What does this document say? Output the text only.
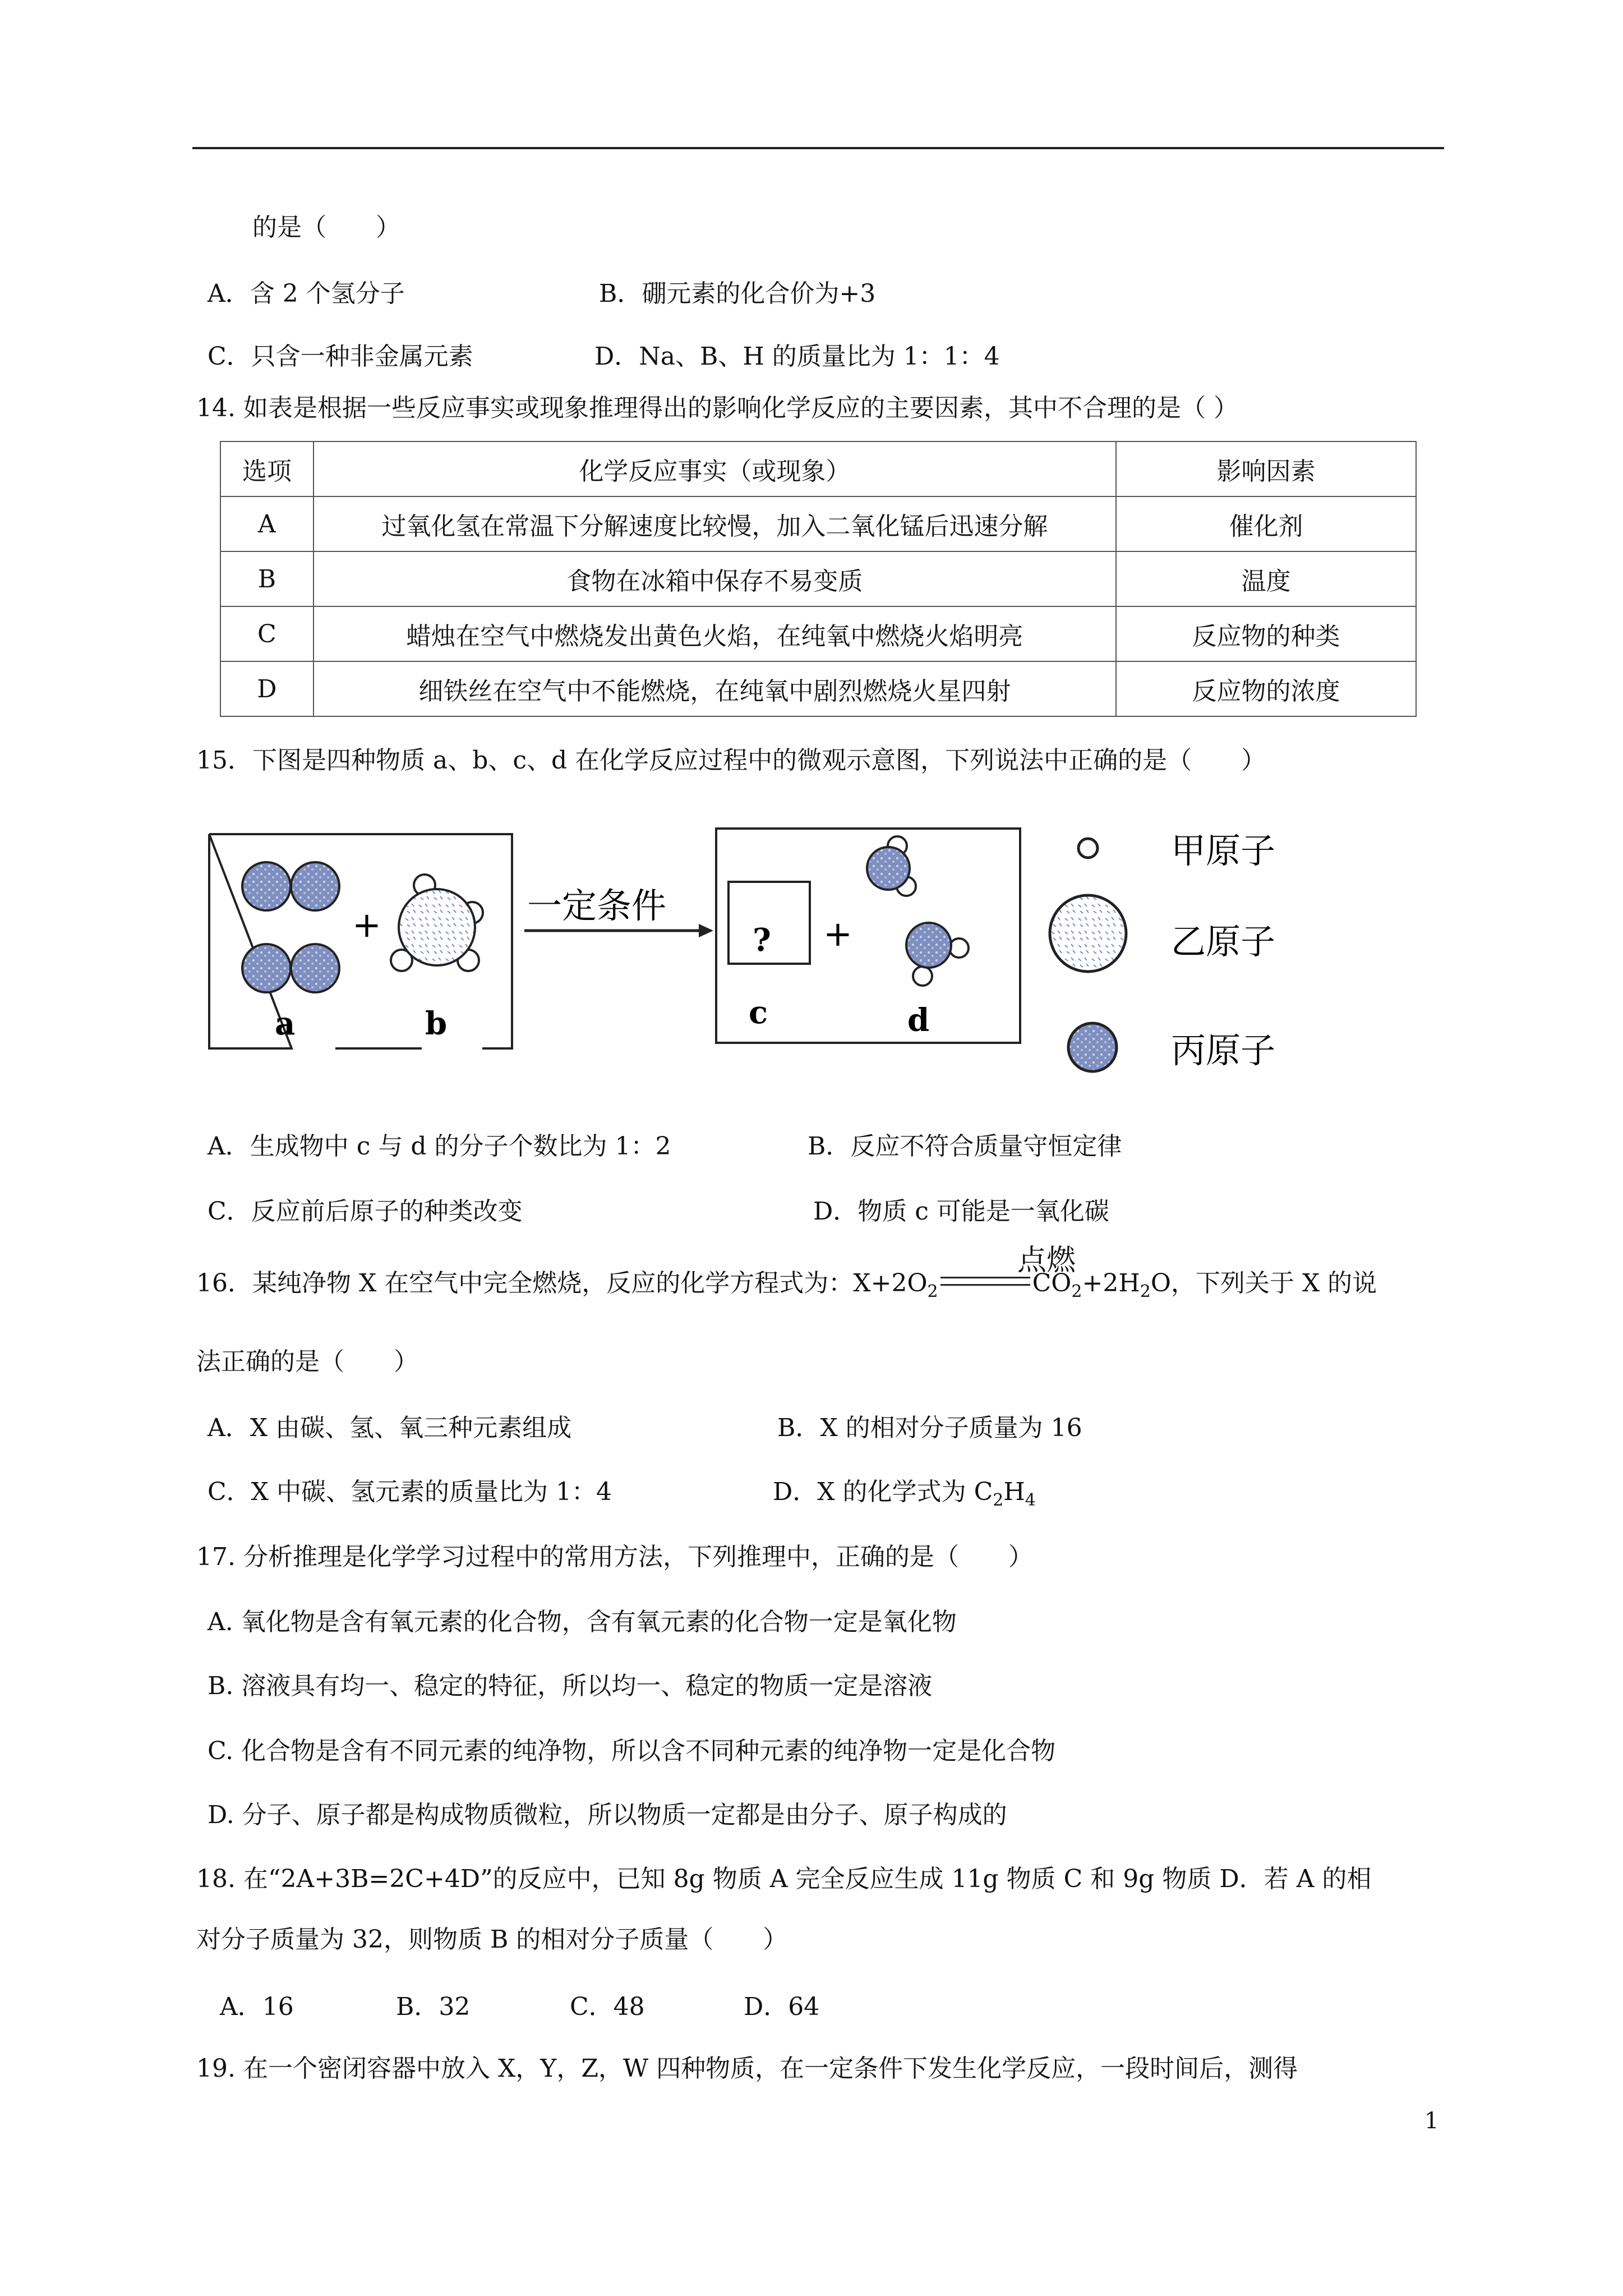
的是（　　）
A．含 2 个氢分子	B．硼元素的化合价为+3
C．只含一种非金属元素	D．Na、B、H 的质量比为 1：1：4
14. 如表是根据一些反应事实或现象推理得出的影响化学反应的主要因素，其中不合理的是（ ）
选项	化学反应事实（或现象）	影响因素
A	过氧化氢在常温下分解速度比较慢，加入二氧化锰后迅速分解	催化剂
B	食物在冰箱中保存不易变质	温度
C	蜡烛在空气中燃烧发出黄色火焰，在纯氧中燃烧火焰明亮	反应物的种类
D	细铁丝在空气中不能燃烧，在纯氧中剧烈燃烧火星四射	反应物的浓度
15．下图是四种物质 a、b、c、d 在化学反应过程中的微观示意图，下列说法中正确的是（　　）
+
a	b
一定条件
? +
c	d
甲原子
乙原子
丙原子
A．生成物中 c 与 d 的分子个数比为 1：2	B．反应不符合质量守恒定律
C．反应前后原子的种类改变	D．物质 c 可能是一氧化碳
16．某纯净物 X 在空气中完全燃烧，反应的化学方程式为：$X+2O_2$	$CO_2+2H_2O$，下列关于 X 的说
点燃
法正确的是（　　）
A．X 由碳、氢、氧三种元素组成	B．X 的相对分子质量为 16
C．X 中碳、氢元素的质量比为 1：4	D．X 的化学式为 $C_2H_4$
17. 分析推理是化学学习过程中的常用方法，下列推理中，正确的是（　　）
A. 氧化物是含有氧元素的化合物，含有氧元素的化合物一定是氧化物
B. 溶液具有均一、稳定的特征，所以均一、稳定的物质一定是溶液
C. 化合物是含有不同元素的纯净物，所以含不同种元素的纯净物一定是化合物
D. 分子、原子都是构成物质微粒，所以物质一定都是由分子、原子构成的
18. 在“2A+3B=2C+4D”的反应中，已知 8g 物质 A 完全反应生成 11g 物质 C 和 9g 物质 D．若 A 的相
对分子质量为 32，则物质 B 的相对分子质量（　　）
A．16	B．32	C．48	D．64
19. 在一个密闭容器中放入 X，Y，Z，W 四种物质，在一定条件下发生化学反应，一段时间后，测得
1
